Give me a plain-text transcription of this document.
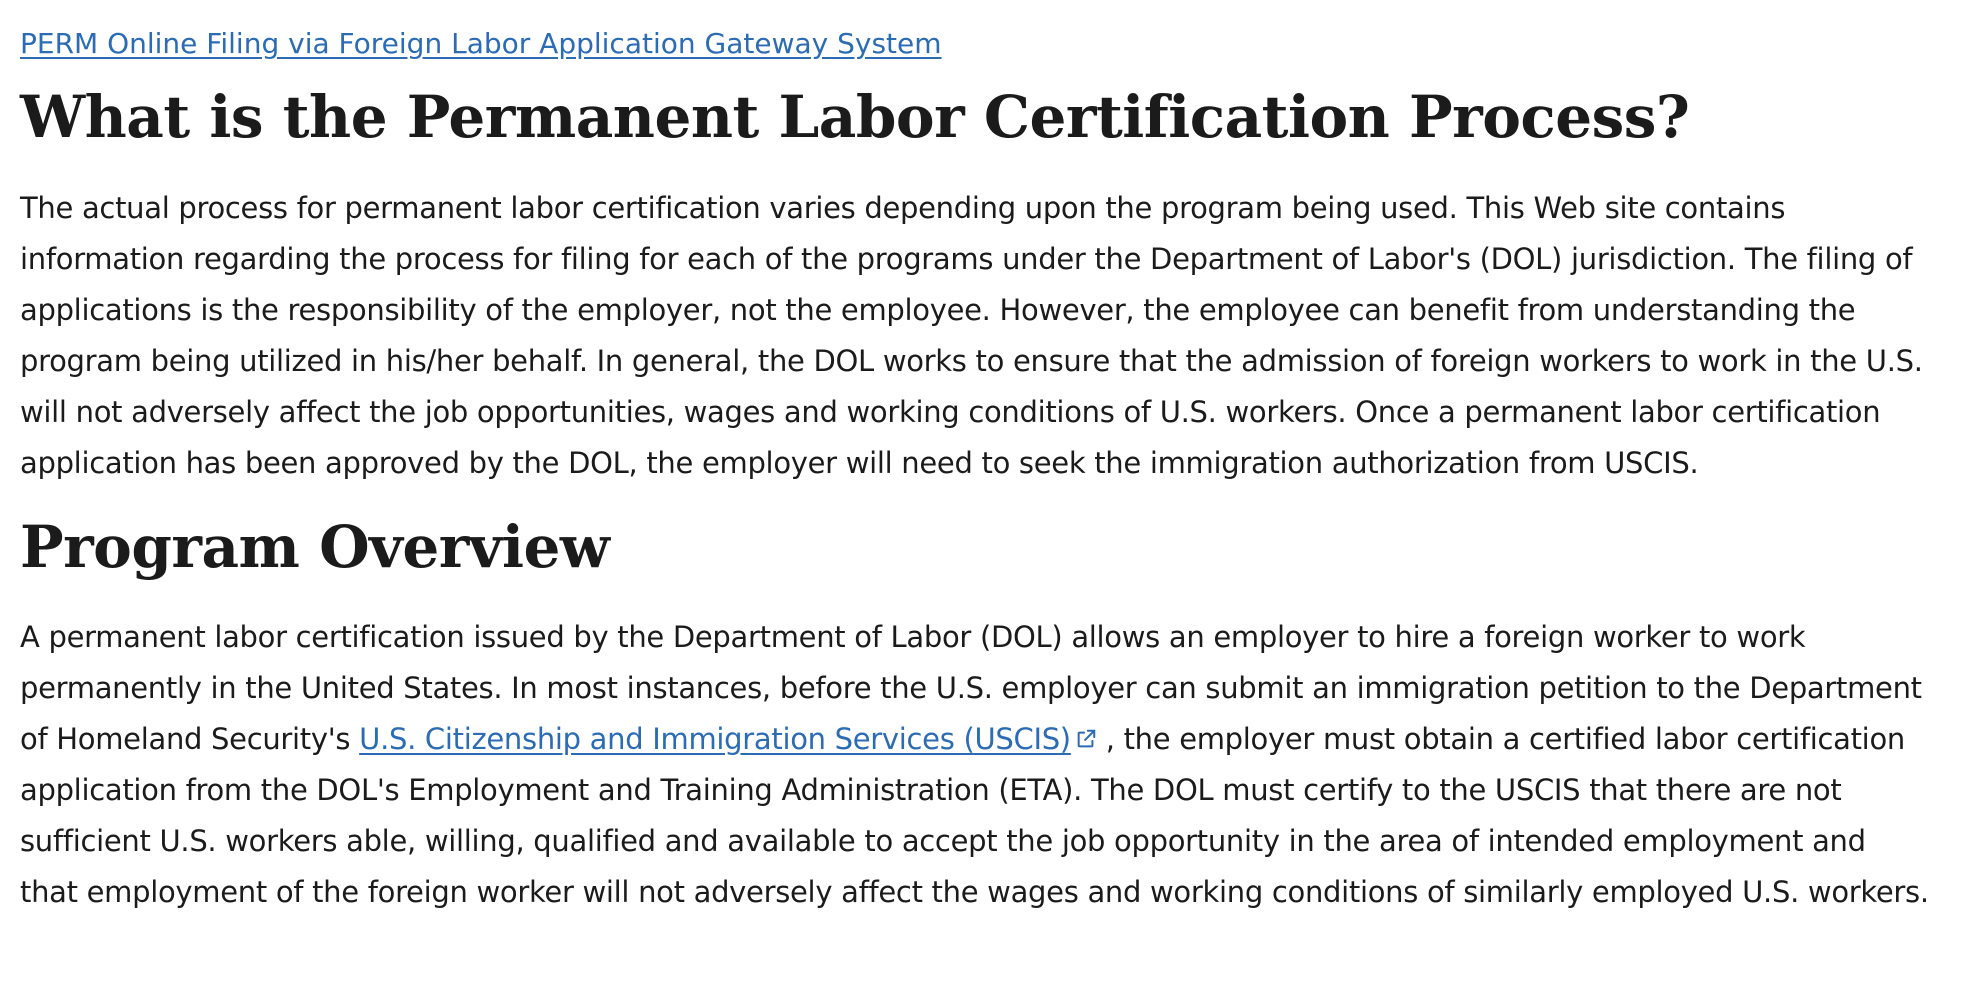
PERM Online Filing via Foreign Labor Application Gateway System
What is the Permanent Labor Certification Process?

The actual process for permanent labor certification varies depending upon the program being used. This Web site contains information regarding the process for filing for each of the programs under the Department of Labor's (DOL) jurisdiction. The filing of applications is the responsibility of the employer, not the employee. However, the employee can benefit from understanding the program being utilized in his/her behalf. In general, the DOL works to ensure that the admission of foreign workers to work in the U.S. will not adversely affect the job opportunities, wages and working conditions of U.S. workers. Once a permanent labor certification application has been approved by the DOL, the employer will need to seek the immigration authorization from USCIS.

Program Overview

A permanent labor certification issued by the Department of Labor (DOL) allows an employer to hire a foreign worker to work permanently in the United States. In most instances, before the U.S. employer can submit an immigration petition to the Department of Homeland Security's U.S. Citizenship and Immigration Services (USCIS) , the employer must obtain a certified labor certification application from the DOL's Employment and Training Administration (ETA). The DOL must certify to the USCIS that there are not sufficient U.S. workers able, willing, qualified and available to accept the job opportunity in the area of intended employment and that employment of the foreign worker will not adversely affect the wages and working conditions of similarly employed U.S. workers.
